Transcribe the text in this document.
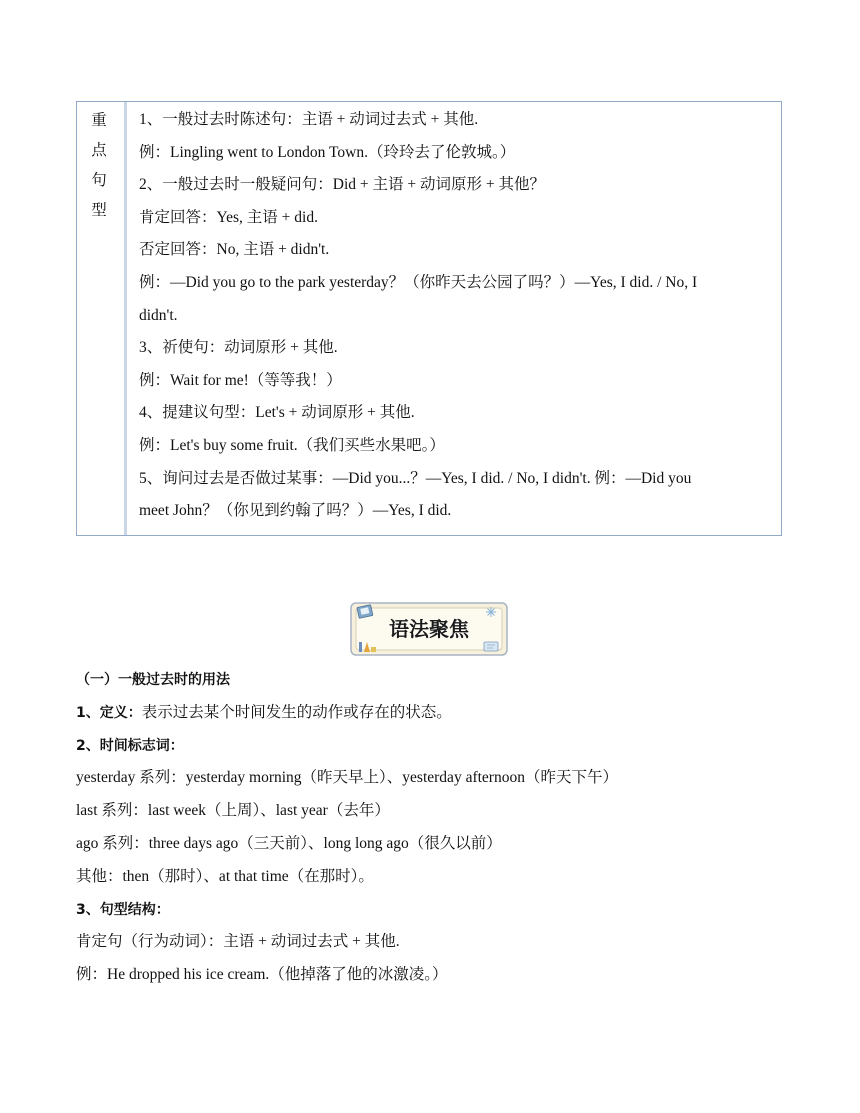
重
点
句
型
1、一般过去时陈述句：主语 + 动词过去式 + 其他.
例：Lingling went to London Town.（玲玲去了伦敦城。）
2、一般过去时一般疑问句：Did + 主语 + 动词原形 + 其他？
肯定回答：Yes, 主语 + did.
否定回答：No, 主语 + didn't.
例：—Did you go to the park yesterday？（你昨天去公园了吗？）—Yes, I did. / No, I
didn't.
3、祈使句：动词原形 + 其他.
例：Wait for me!（等等我！）
4、提建议句型：Let's + 动词原形 + 其他.
例：Let's buy some fruit.（我们买些水果吧。）
5、询问过去是否做过某事：—Did you...？—Yes, I did. / No, I didn't. 例：—Did you
meet John？（你见到约翰了吗？）—Yes, I did.
语法聚焦
（一）一般过去时的用法
1、定义：表示过去某个时间发生的动作或存在的状态。
2、时间标志词：
yesterday 系列：yesterday morning（昨天早上）、yesterday afternoon（昨天下午）
last 系列：last week（上周）、last year（去年）
ago 系列：three days ago（三天前）、long long ago（很久以前）
其他：then（那时）、at that time（在那时）。
3、句型结构：
肯定句（行为动词）：主语 + 动词过去式 + 其他.
例：He dropped his ice cream.（他掉落了他的冰激凌。）
